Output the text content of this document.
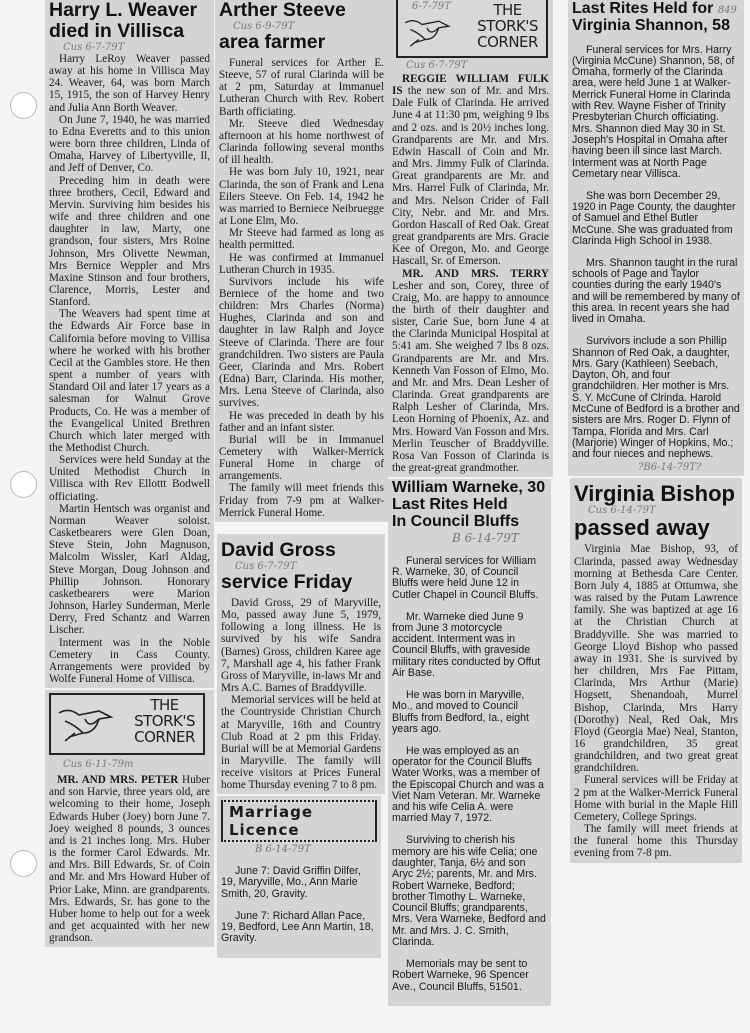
Harry L. Weaver
died in Villisca
Cus 6-7-79T

Harry LeRoy Weaver passed away at his home in Villisca May 24. Weaver, 64, was born March 15, 1915, the son of Harvey Henry and Julia Ann Borth Weaver.

On June 7, 1940, he was married to Edna Everetts and to this union were born three children, Linda of Omaha, Harvey of Libertyville, Il, and Jeff of Denver, Co.

Preceding him in death were three brothers, Cecil, Edward and Mervin. Surviving him besides his wife and three children and one daughter in law, Marty, one grandson, four sisters, Mrs Roine Johnson, Mrs Olivette Newman, Mrs Bernice Weppler and Mrs Maxine Stinson and four brothers, Clarence, Morris, Lester and Stanford.

The Weavers had spent time at the Edwards Air Force base in California before moving to Villisa where he worked with his brother Cecil at the Gambles store. He then spent a number of years with Standard Oil and later 17 years as a salesman for Walnut Grove Products, Co. He was a member of the Evangelical United Brethren Church which later merged with the Methodist Church.

Services were held Sunday at the United Methodist Church in Villisca with Rev Ellottt Bodwell officiating.

Martin Hentsch was organist and Norman Weaver soloist. Casketbearers were Glen Doan, Steve Stein, John Magnuson, Malcolm Wissler, Karl Aldag, Steve Morgan, Doug Johnson and Phillip Johnson. Honorary casketbearers were Marion Johnson, Harley Sunderman, Merle Derry, Fred Schantz and Warren Lischer.

Interment was in the Noble Cemetery in Cass County. Arrangements were provided by Wolfe Funeral Home of Villisca.

THE
STORK'S
CORNER
Cus 6-11-79m

MR. AND MRS. PETER Huber and son Harvie, three years old, are welcoming to their home, Joseph Edwards Huber (Joey) born June 7. Joey weighed 8 pounds, 3 ounces and is 21 inches long. Mrs. Huber is the former Carol Edwards. Mr. and Mrs. Bill Edwards, Sr. of Coin and Mr. and Mrs Howard Huber of Prior Lake, Minn. are grandparents. Mrs. Edwards, Sr. has gone to the Huber home to help out for a week and get acquainted with her new grandson.

Arther Steeve
Cus 6-9-79T
area farmer

Funeral services for Arther E. Steeve, 57 of rural Clarinda will be at 2 pm, Saturday at Immanuel Lutheran Church with Rev. Robert Barth officiating.

Mr. Steeve died Wednesday afternoon at his home northwest of Clarinda following several months of ill health.

He was born July 10, 1921, near Clarinda, the son of Frank and Lena Eilers Steeve. On Feb. 14, 1942 he was married to Berniece Neibruegge at Lone Elm, Mo.

Mr Steeve had farmed as long as health permitted.

He was confirmed at Immanuel Lutheran Church in 1935.

Survivors include his wife Berniece of the home and two children: Mrs Charles (Norma) Hughes, Clarinda and son and daughter in law Ralph and Joyce Steeve of Clarinda. There are four grandchildren. Two sisters are Paula Geer, Clarinda and Mrs. Robert (Edna) Barr, Clarinda. His mother, Mrs. Lena Steeve of Clarinda, also survives.

He was preceded in death by his father and an infant sister.

Burial will be in Immanuel Cemetery with Walker-Merrick Funeral Home in charge of arrangements.

The family will meet friends this Friday from 7-9 pm at Walker-Merrick Funeral Home.

David Gross
Cus 6-7-79T
service Friday

David Gross, 29 of Maryville, Mo, passed away June 5, 1979, following a long illness. He is survived by his wife Sandra (Barnes) Gross, children Karee age 7, Marshall age 4, his father Frank Gross of Maryville, in-laws Mr and Mrs A.C. Barnes of Braddyville.

Memorial services will be held at the Countryside Christian Church at Maryville, 16th and Country Club Road at 2 pm this Friday. Burial will be at Memorial Gardens in Maryville. The family will receive visitors at Prices Funeral home Thursday evening 7 to 8 pm.

Marriage Licence
B 6-14-79T

June 7: David Griffin Dilfer, 19, Maryville, Mo., Ann Marie Smith, 20, Gravity.

June 7: Richard Allan Pace, 19, Bedford, Lee Ann Martin, 18, Gravity.

6-7-79T	THE
STORK'S
CORNER
Cus 6-7-79T

REGGIE WILLIAM FULK IS the new son of Mr. and Mrs. Dale Fulk of Clarinda. He arrived June 4 at 11:30 pm, weighing 9 lbs and 2 ozs. and is 20½ inches long. Grandparents are Mr. and Mrs. Edwin Hascall of Coin and Mr. and Mrs. Jimmy Fulk of Clarinda. Great grandparents are Mr. and Mrs. Harrel Fulk of Clarinda, Mr. and Mrs. Nelson Crider of Fall City, Nebr. and Mr. and Mrs. Gordon Hascall of Red Oak. Great great grandparents are Mrs. Gracie Kee of Oregon, Mo. and George Hascall, Sr. of Emerson.

MR. AND MRS. TERRY Lesher and son, Corey, three of Craig, Mo. are happy to announce the birth of their daughter and sister, Carie Sue, born June 4 at the Clarinda Municipal Hospital at 5:41 am. She weighed 7 lbs 8 ozs. Grandparents are Mr. and Mrs. Kenneth Van Fosson of Elmo, Mo. and Mr. and Mrs. Dean Lesher of Clarinda. Great grandparents are Ralph Lesher of Clarinda, Mrs. Leon Horning of Phoenix, Az. and Mrs. Howard Van Fosson and Mrs. Merlin Teuscher of Braddyville. Rosa Van Fosson of Clarinda is the great-great grandmother.

William Warneke, 30
Last Rites Held
In Council Bluffs
B 6-14-79T

Funeral services for William R. Warneke, 30, of Council Bluffs were held June 12 in Cutler Chapel in Council Bluffs.

Mr. Warneke died June 9 from June 3 motorcycle accident. Interment was in Council Bluffs, with graveside military rites conducted by Offut Air Base.

He was born in Maryville, Mo., and moved to Council Bluffs from Bedford, Ia., eight years ago.

He was employed as an operator for the Council Bluffs Water Works, was a member of the Episcopal Church and was a Viet Nam Veteran. Mr. Warneke and his wife Celia A. were married May 7, 1972.

Surviving to cherish his memory are his wife Celia; one daughter, Tanja, 6½ and son Aryc 2½; parents, Mr. and Mrs. Robert Warneke, Bedford; brother Timothy L. Warneke, Council Bluffs; grandparents, Mrs. Vera Warneke, Bedford and Mr. and Mrs. J. C. Smith, Clarinda.

Memorials may be sent to Robert Warneke, 96 Spencer Ave., Council Bluffs, 51501.

Last Rites Held for 849
Virginia Shannon, 58

Funeral services for Mrs. Harry (Virginia McCune) Shannon, 58, of Omaha, formerly of the Clarinda area, were held June 1 at Walker-Merrick Funeral Home in Clarinda with Rev. Wayne Fisher of Trinity Presbyterian Church officiating. Mrs. Shannon died May 30 in St. Joseph's Hospital in Omaha after having been ill since last March. Interment was at North Page Cemetary near Villisca.

She was born December 29, 1920 in Page County, the daughter of Samuel and Ethel Butler McCune. She was graduated from Clarinda High School in 1938.

Mrs. Shannon taught in the rural schools of Page and Taylor counties during the early 1940's and will be remembered by many of this area. In recent years she had lived in Omaha.

Survivors include a son Phillip Shannon of Red Oak, a daughter, Mrs. Gary (Kathleen) Seebach, Dayton, Oh, and four grandchildren. Her mother is Mrs. S. Y. McCune of Clrinda. Harold McCune of Bedford is a brother and sisters are Mrs. Roger D. Flynn of Tampa, Florida and Mrs. Carl (Marjorie) Winger of Hopkins, Mo.; and four nieces and nephews.

?B6-14-79T?
Virginia Bishop
Cus 6-14-79T
passed away

Virginia Mae Bishop, 93, of Clarinda, passed away Wednesday morning at Bethesda Care Center. Born July 4, 1885 at Ottumwa, she was raised by the Putam Lawrence family. She was baptized at age 16 at the Christian Church at Braddyville. She was married to George Lloyd Bishop who passed away in 1931. She is survived by her children, Mrs Fae Pittam, Clarinda, Mrs Arthur (Marie) Hogsett, Shenandoah, Murrel Bishop, Clarinda, Mrs Harry (Dorothy) Neal, Red Oak, Mrs Floyd (Georgia Mae) Neal, Stanton, 16 grandchildren, 35 great grandchildren, and two great great grandchildren.

Funeral services will be Friday at 2 pm at the Walker-Merrick Funeral Home with burial in the Maple Hill Cemetery, College Springs.

The family will meet friends at the funeral home this Thursday evening from 7-8 pm.
